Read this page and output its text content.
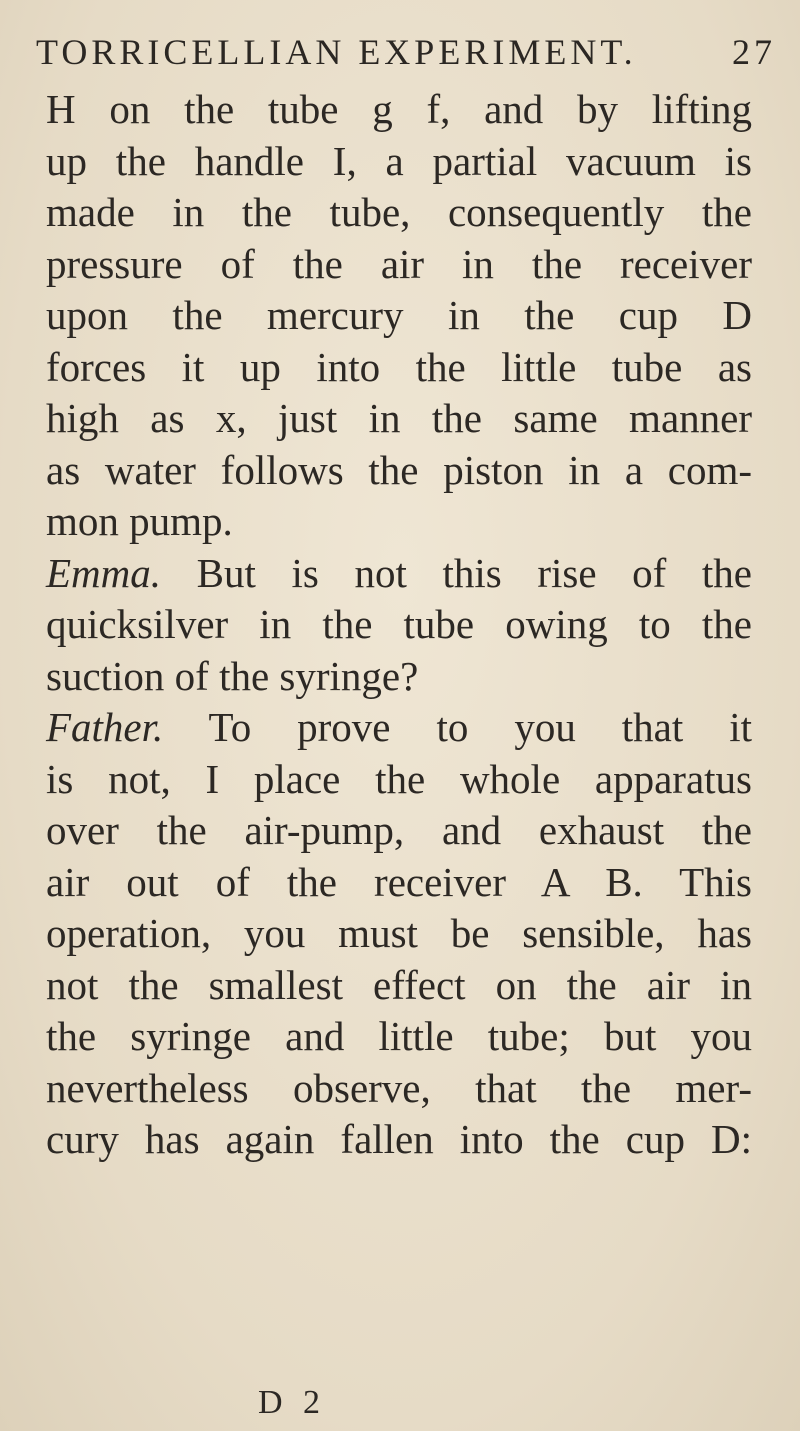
TORRICELLIAN EXPERIMENT.	27
H on the tube g f, and by lifting
up the handle I, a partial vacuum is
made in the tube, consequently the
pressure of the air in the receiver
upon the mercury in the cup D
forces it up into the little tube as
high as x, just in the same manner
as water follows the piston in a com-
mon pump.
Emma. But is not this rise of the
quicksilver in the tube owing to the
suction of the syringe?
Father. To prove to you that it
is not, I place the whole apparatus
over the air-pump, and exhaust the
air out of the receiver A B. This
operation, you must be sensible, has
not the smallest effect on the air in
the syringe and little tube; but you
nevertheless observe, that the mer-
cury has again fallen into the cup D:
D 2
